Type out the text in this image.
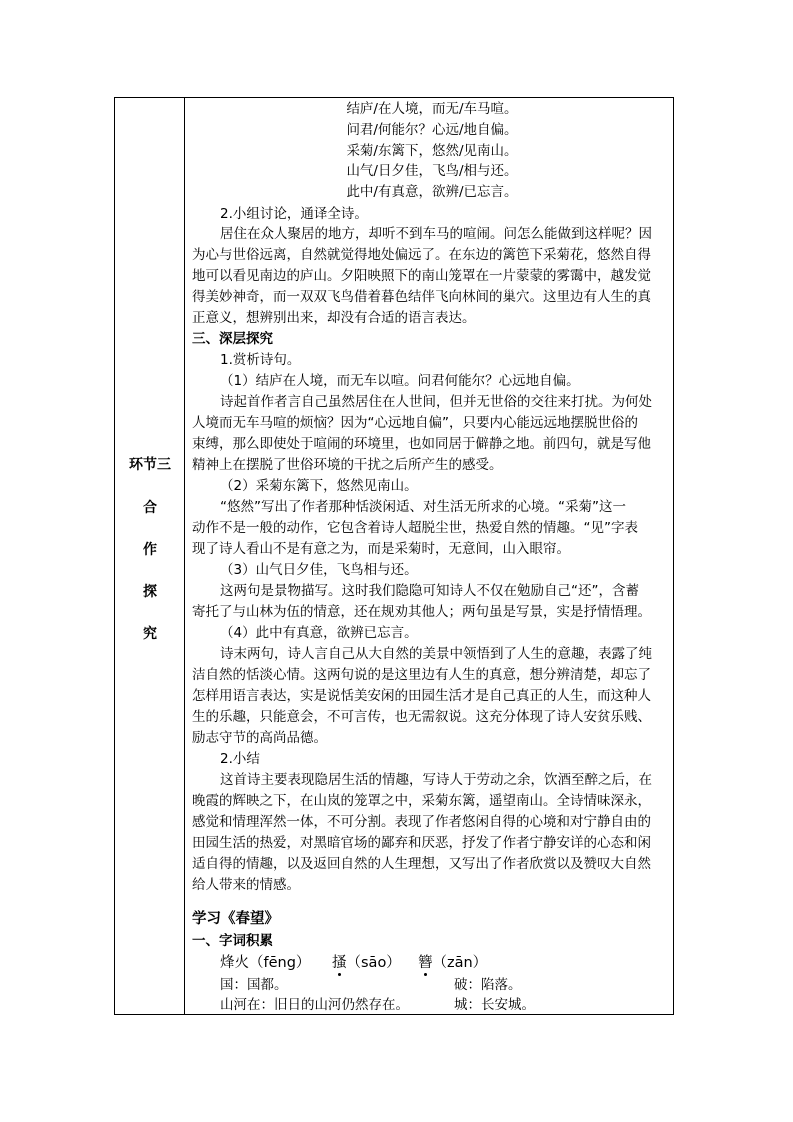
环节三
合
作
探
究
结庐/在人境，而无/车马喧。
问君/何能尔？心远/地自偏。
采菊/东篱下，悠然/见南山。
山气/日夕佳，飞鸟/相与还。
此中/有真意，欲辨/已忘言。
2.小组讨论，通译全诗。
居住在众人聚居的地方，却听不到车马的喧闹。问怎么能做到这样呢？因
为心与世俗远离，自然就觉得地处偏远了。在东边的篱笆下采菊花，悠然自得
地可以看见南边的庐山。夕阳映照下的南山笼罩在一片蒙蒙的雾霭中，越发觉
得美妙神奇，而一双双飞鸟借着暮色结伴飞向林间的巢穴。这里边有人生的真
正意义，想辨别出来，却没有合适的语言表达。
三、深层探究
1.赏析诗句。
（1）结庐在人境，而无车以喧。问君何能尔？心远地自偏。
诗起首作者言自己虽然居住在人世间，但并无世俗的交往来打扰。为何处
人境而无车马喧的烦恼？因为“心远地自偏”，只要内心能远远地摆脱世俗的
束缚，那么即使处于喧闹的环境里，也如同居于僻静之地。前四句，就是写他
精神上在摆脱了世俗环境的干扰之后所产生的感受。
（2）采菊东篱下，悠然见南山。
“悠然”写出了作者那种恬淡闲适、对生活无所求的心境。“采菊”这一
动作不是一般的动作，它包含着诗人超脱尘世，热爱自然的情趣。“见”字表
现了诗人看山不是有意之为，而是采菊时，无意间，山入眼帘。
（3）山气日夕佳，飞鸟相与还。
这两句是景物描写。这时我们隐隐可知诗人不仅在勉励自己“还”，含蓄
寄托了与山林为伍的情意，还在规劝其他人；两句虽是写景，实是抒情悟理。
（4）此中有真意，欲辨已忘言。
诗末两句，诗人言自己从大自然的美景中领悟到了人生的意趣，表露了纯
洁自然的恬淡心情。这两句说的是这里边有人生的真意，想分辨清楚，却忘了
怎样用语言表达，实是说恬美安闲的田园生活才是自己真正的人生，而这种人
生的乐趣，只能意会，不可言传，也无需叙说。这充分体现了诗人安贫乐贱、
励志守节的高尚品德。
2.小结
这首诗主要表现隐居生活的情趣，写诗人于劳动之余，饮酒至醉之后，在
晚霞的辉映之下，在山岚的笼罩之中，采菊东篱，遥望南山。全诗情味深永，
感觉和情理浑然一体，不可分割。表现了作者悠闲自得的心境和对宁静自由的
田园生活的热爱，对黑暗官场的鄙弃和厌恶，抒发了作者宁静安详的心态和闲
适自得的情趣，以及返回自然的人生理想，又写出了作者欣赏以及赞叹大自然
给人带来的情感。
学习《春望》
一、字词积累
烽火（fēng） 搔
（sāo） 簪
（zān）
国：国都。	破：陷落。
山河在：旧日的山河仍然存在。	城：长安城。
